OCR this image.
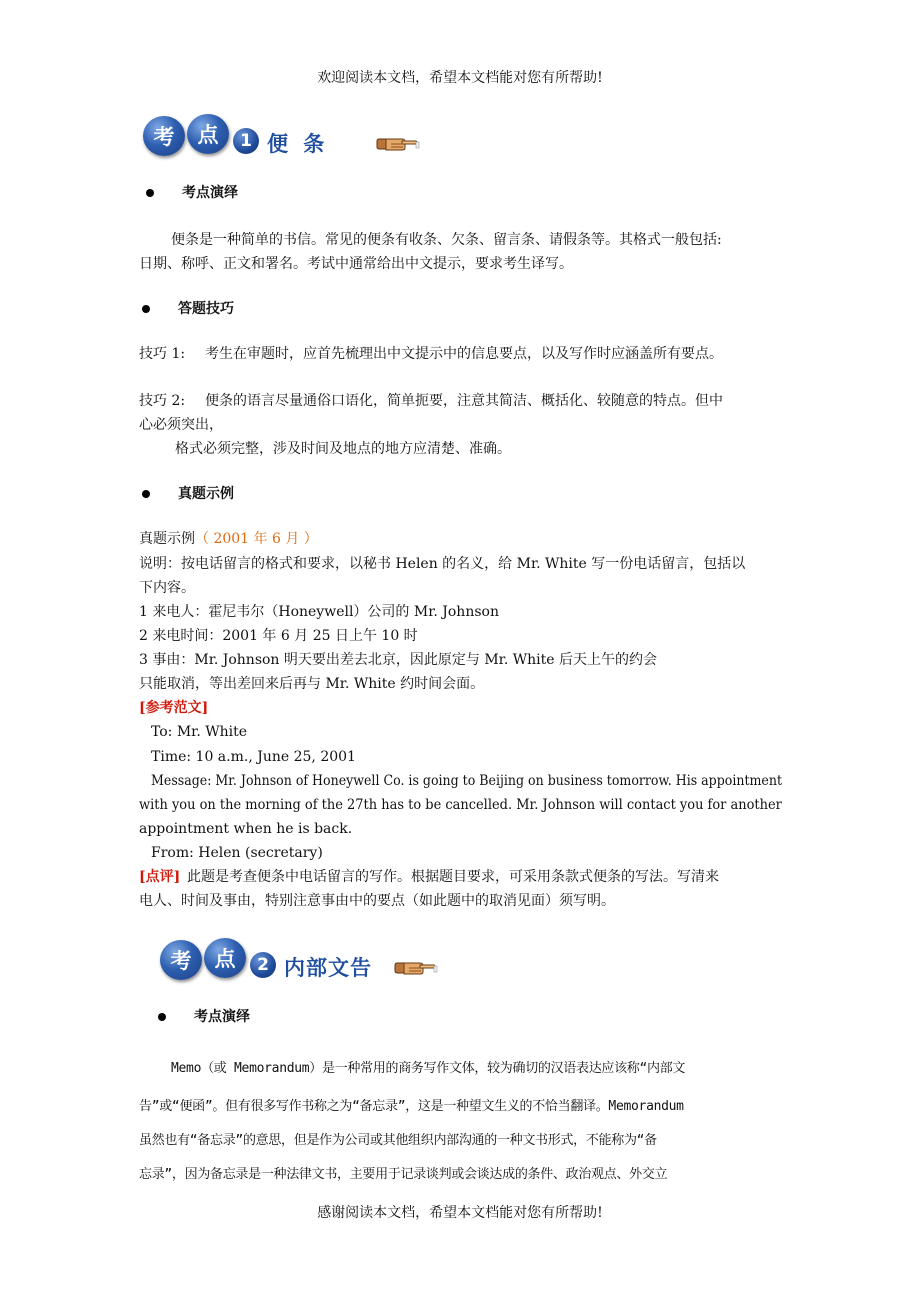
欢迎阅读本文档，希望本文档能对您有所帮助!
感谢阅读本文档，希望本文档能对您有所帮助!
考	点	1 便 条
考点演绎
便条是一种简单的书信。常见的便条有收条、欠条、留言条、请假条等。其格式一般包括:
日期、称呼、正文和署名。考试中通常给出中文提示，要求考生译写。
答题技巧
技巧 1: 考生在审题时，应首先梳理出中文提示中的信息要点，以及写作时应涵盖所有要点。
技巧 2: 便条的语言尽量通俗口语化，简单扼要，注意其简洁、概括化、较随意的特点。但中
心必须突出，
格式必须完整，涉及时间及地点的地方应清楚、准确。
真题示例
真题示例（ 2001 年 6 月 ）
说明：按电话留言的格式和要求，以秘书 Helen 的名义，给 Mr. White 写一份电话留言，包括以
下内容。
1 来电人：霍尼韦尔（Honeywell）公司的 Mr. Johnson
2 来电时间：2001 年 6 月 25 日上午 10 时
3 事由：Mr. Johnson 明天要出差去北京，因此原定与 Mr. White 后天上午的约会
只能取消，等出差回来后再与 Mr. White 约时间会面。
[参考范文]
To: Mr. White
Time: 10 a.m., June 25, 2001
Message: Mr. Johnson of Honeywell Co. is going to Beijing on business tomorrow. His appointment
with you on the morning of the 27th has to be cancelled. Mr. Johnson will contact you for another
appointment when he is back.
From: Helen (secretary)
[点评] 此题是考查便条中电话留言的写作。根据题目要求，可采用条款式便条的写法。写清来
电人、时间及事由，特别注意事由中的要点（如此题中的取消见面）须写明。
考	点	2 内部文告
考点演绎
Memo（或 Memorandum）是一种常用的商务写作文体，较为确切的汉语表达应该称“内部文
告”或“便函”。但有很多写作书称之为“备忘录”，这是一种望文生义的不恰当翻译。Memorandum
虽然也有“备忘录”的意思，但是作为公司或其他组织内部沟通的一种文书形式，不能称为“备
忘录”，因为备忘录是一种法律文书，主要用于记录谈判或会谈达成的条件、政治观点、外交立
